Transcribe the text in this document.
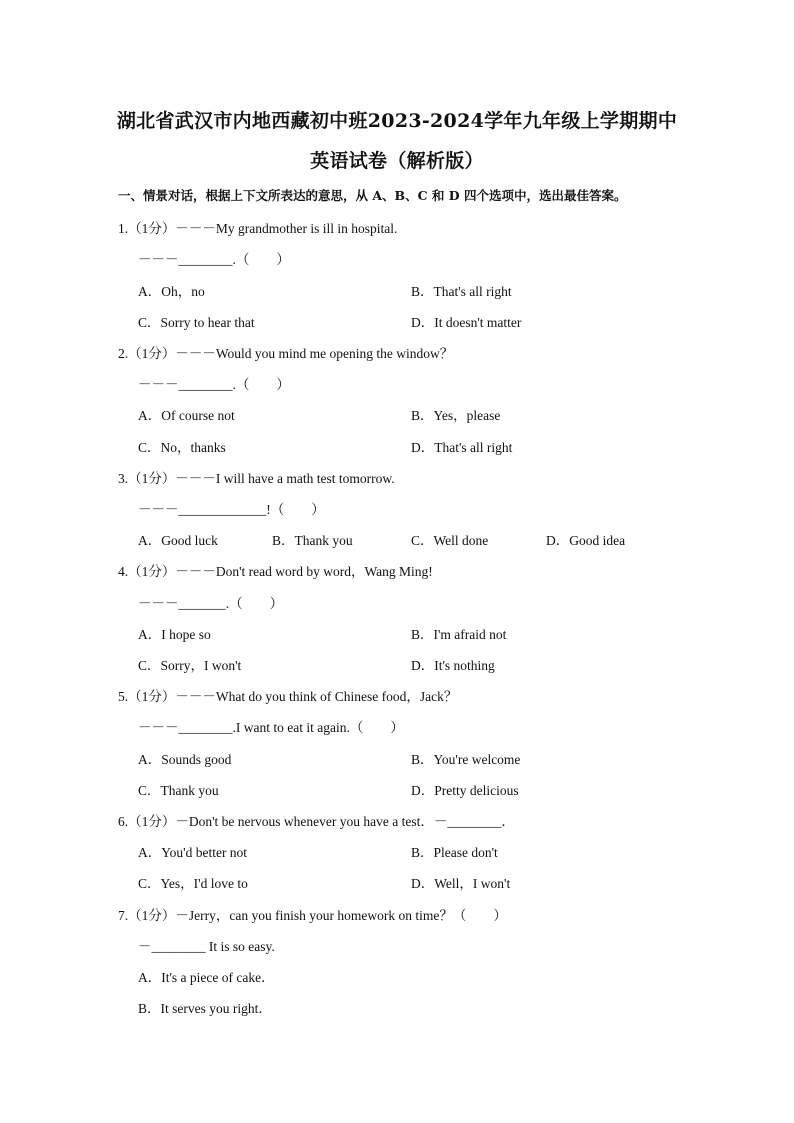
湖北省武汉市内地西藏初中班2023-2024学年九年级上学期期中
英语试卷（解析版）
一、情景对话，根据上下文所表达的意思，从 A、B、C 和 D 四个选项中，选出最佳答案。
1.（1分）－－－My grandmother is ill in hospital.
－－－________.（　　）
A．Oh，no	B．That's all right
C．Sorry to hear that	D．It doesn't matter
2.（1分）－－－Would you mind me opening the window？
－－－________.（　　）
A．Of course not	B．Yes，please
C．No，thanks	D．That's all right
3.（1分）－－－I will have a math test tomorrow.
－－－_____________!（　　）
A．Good luck	B．Thank you	C．Well done	D．Good idea
4.（1分）－－－Don't read word by word，Wang Ming!
－－－_______.（　　）
A．I hope so	B．I'm afraid not
C．Sorry，I won't	D．It's nothing
5.（1分）－－－What do you think of Chinese food，Jack？
－－－________.I want to eat it again.（　　）
A．Sounds good	B．You're welcome
C．Thank you	D．Pretty delicious
6.（1分）－Don't be nervous whenever you have a test．－________．
A．You'd better not	B．Please don't
C．Yes，I'd love to	D．Well，I won't
7.（1分）－Jerry，can you finish your homework on time？（　　）
－________ It is so easy.
A．It's a piece of cake．
B．It serves you right．
